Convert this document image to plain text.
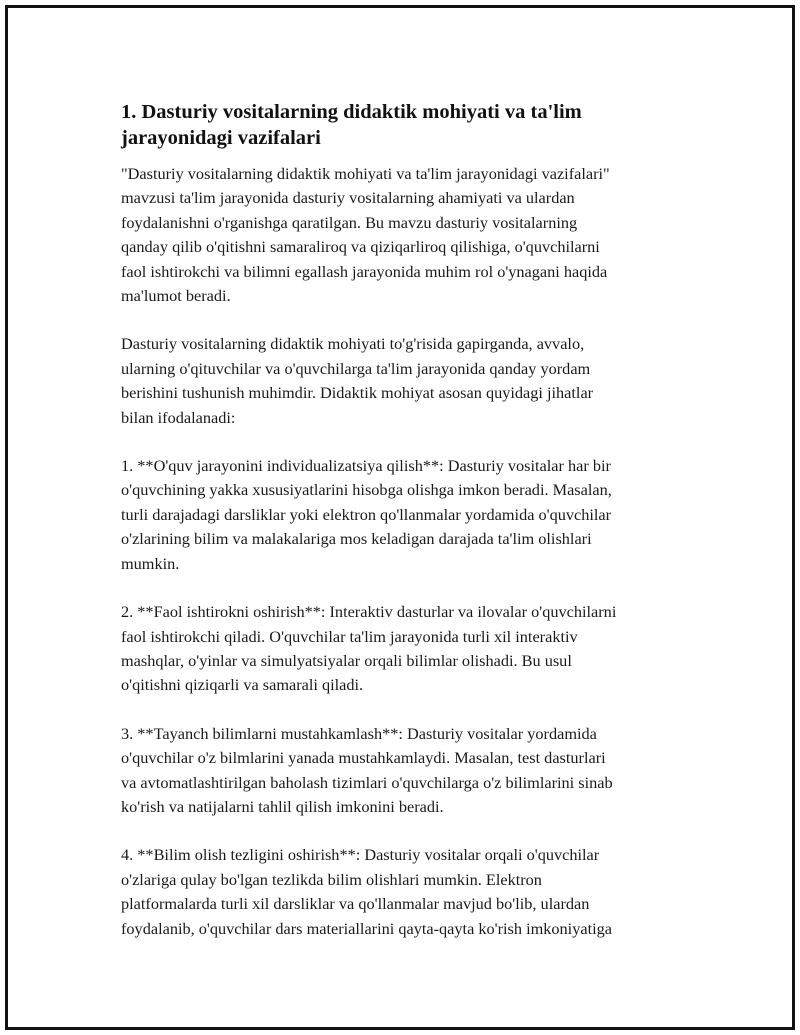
1. Dasturiy vositalarning didaktik mohiyati va ta'lim jarayonidagi vazifalari

"Dasturiy vositalarning didaktik mohiyati va ta'lim jarayonidagi vazifalari"
mavzusi ta'lim jarayonida dasturiy vositalarning ahamiyati va ulardan
foydalanishni o'rganishga qaratilgan. Bu mavzu dasturiy vositalarning
qanday qilib o'qitishni samaraliroq va qiziqarliroq qilishiga, o'quvchilarni
faol ishtirokchi va bilimni egallash jarayonida muhim rol o'ynagani haqida
ma'lumot beradi.

Dasturiy vositalarning didaktik mohiyati to'g'risida gapirganda, avvalo,
ularning o'qituvchilar va o'quvchilarga ta'lim jarayonida qanday yordam
berishini tushunish muhimdir. Didaktik mohiyat asosan quyidagi jihatlar
bilan ifodalanadi:

1. **O'quv jarayonini individualizatsiya qilish**: Dasturiy vositalar har bir
o'quvchining yakka xususiyatlarini hisobga olishga imkon beradi. Masalan,
turli darajadagi darsliklar yoki elektron qo'llanmalar yordamida o'quvchilar
o'zlarining bilim va malakalariga mos keladigan darajada ta'lim olishlari
mumkin.

2. **Faol ishtirokni oshirish**: Interaktiv dasturlar va ilovalar o'quvchilarni
faol ishtirokchi qiladi. O'quvchilar ta'lim jarayonida turli xil interaktiv
mashqlar, o'yinlar va simulyatsiyalar orqali bilimlar olishadi. Bu usul
o'qitishni qiziqarli va samarali qiladi.

3. **Tayanch bilimlarni mustahkamlash**: Dasturiy vositalar yordamida
o'quvchilar o'z bilmlarini yanada mustahkamlaydi. Masalan, test dasturlari
va avtomatlashtirilgan baholash tizimlari o'quvchilarga o'z bilimlarini sinab
ko'rish va natijalarni tahlil qilish imkonini beradi.

4. **Bilim olish tezligini oshirish**: Dasturiy vositalar orqali o'quvchilar
o'zlariga qulay bo'lgan tezlikda bilim olishlari mumkin. Elektron
platformalarda turli xil darsliklar va qo'llanmalar mavjud bo'lib, ulardan
foydalanib, o'quvchilar dars materiallarini qayta-qayta ko'rish imkoniyatiga
